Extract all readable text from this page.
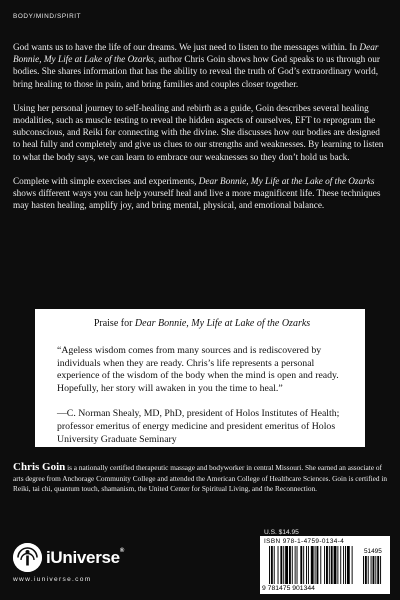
BODY/MIND/SPIRIT

God wants us to have the life of our dreams. We just need to listen to the messages within. In Dear Bonnie, My Life at Lake of the Ozarks, author Chris Goin shows how God speaks to us through our bodies. She shares information that has the ability to reveal the truth of God’s extraordinary world, bring healing to those in pain, and bring families and couples closer together.

Using her personal journey to self-healing and rebirth as a guide, Goin describes several healing modalities, such as muscle testing to reveal the hidden aspects of ourselves, EFT to reprogram the subconscious, and Reiki for connecting with the divine. She discusses how our bodies are designed to heal fully and completely and give us clues to our strengths and weaknesses. By learning to listen to what the body says, we can learn to embrace our weaknesses so they don’t hold us back.

Complete with simple exercises and experiments, Dear Bonnie, My Life at the Lake of the Ozarks shows different ways you can help yourself heal and live a more magnificent life. These techniques may hasten healing, amplify joy, and bring mental, physical, and emotional balance.

Praise for Dear Bonnie, My Life at Lake of the Ozarks

“Ageless wisdom comes from many sources and is rediscovered by individuals when they are ready. Chris’s life represents a personal experience of the wisdom of the body when the mind is open and ready. Hopefully, her story will awaken in you the time to heal.”

—C. Norman Shealy, MD, PhD, president of Holos Institutes of Health; professor emeritus of energy medicine and president emeritus of Holos University Graduate Seminary

Chris Goin is a nationally certified therapeutic massage and bodyworker in central Missouri. She earned an associate of arts degree from Anchorage Community College and attended the American College of Healthcare Sciences. Goin is certified in Reiki, tai chi, quantum touch, shamanism, the United Center for Spiritual Living, and the Reconnection.
iUniverse®
www.iuniverse.com
U.S. $14.95
ISBN 978-1-4759-0134-4
9 781475 901344
51495
